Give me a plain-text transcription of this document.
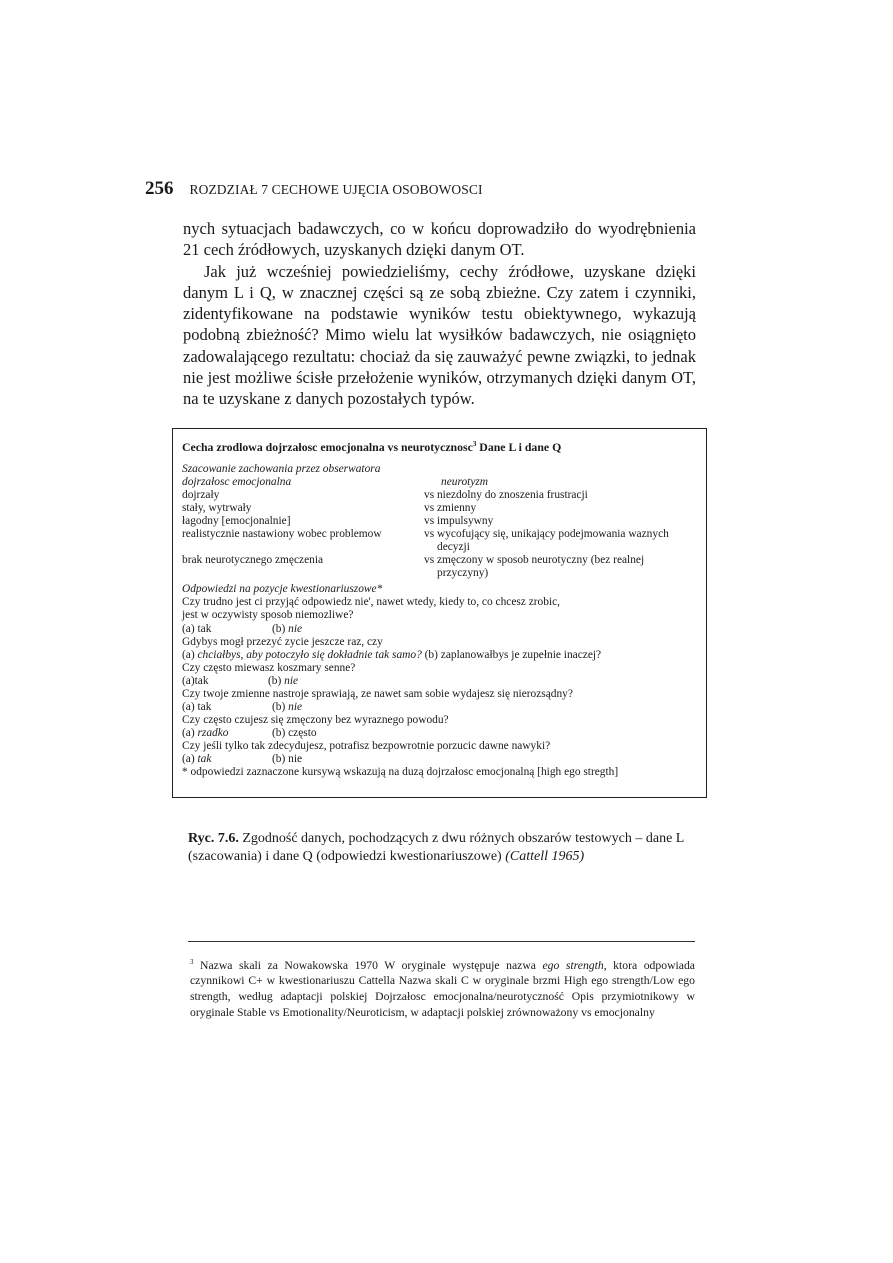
256 ROZDZIAŁ 7 CECHOWE UJĘCIA OSOBOWOSCI

nych sytuacjach badawczych, co w końcu doprowadziło do wyodrębnienia 21 cech źródłowych, uzyskanych dzięki danym OT.

Jak już wcześniej powiedzieliśmy, cechy źródłowe, uzyskane dzięki danym L i Q, w znacznej części są ze sobą zbieżne. Czy zatem i czynniki, zidentyfikowane na podstawie wyników testu obiektywnego, wykazują podobną zbieżność? Mimo wielu lat wysiłków badawczych, nie osiągnięto zadowalającego rezultatu: chociaż da się zauważyć pewne związki, to jednak nie jest możliwe ścisłe przełożenie wyników, otrzymanych dzięki danym OT, na te uzyskane z danych pozostałych typów.

Cecha zrodlowa dojrzałosc emocjonalna vs neurotycznosc$^3$ Dane L i dane Q
Szacowanie zachowania przez obserwatora
dojrzałosc emocjonalna	neurotyzm
dojrzały	vs niezdolny do znoszenia frustracji
stały, wytrwały	vs zmienny
łagodny [emocjonalnie]	vs impulsywny
realistycznie nastawiony wobec problemow	vs wycofujący się, unikający podejmowania waznych decyzji
brak neurotycznego zmęczenia	vs zmęczony w sposob neurotyczny (bez realnej przyczyny)
Odpowiedzi na pozycje kwestionariuszowe*
Czy trudno jest ci przyjąć odpowiedz nie', nawet wtedy, kiedy to, co chcesz zrobic,
jest w oczywisty sposob niemozliwe?
(a) tak	(b) nie
Gdybys mogł przezyć zycie jeszcze raz, czy
(a) chciałbys, aby potoczyło się dokładnie tak samo? (b) zaplanowałbys je zupełnie inaczej?
Czy często miewasz koszmary senne?
(a)tak	(b) nie
Czy twoje zmienne nastroje sprawiają, ze nawet sam sobie wydajesz się nierozsądny?
(a) tak	(b) nie
Czy często czujesz się zmęczony bez wyraznego powodu?
(a) rzadko	(b) często
Czy jeśli tylko tak zdecydujesz, potrafisz bezpowrotnie porzucic dawne nawyki?
(a) tak	(b) nie
* odpowiedzi zaznaczone kursywą wskazują na duzą dojrzałosc emocjonalną [high ego stregth]
Ryc. 7.6. Zgodność danych, pochodzących z dwu różnych obszarów testowych – dane L (szacowania) i dane Q (odpowiedzi kwestionariuszowe) (Cattell 1965)
$^3$ Nazwa skali za Nowakowska 1970 W oryginale występuje nazwa ego strength, ktora odpowiada czynnikowi C+ w kwestionariuszu Cattella Nazwa skali C w oryginale brzmi High ego strength/Low ego strength, według adaptacji polskiej Dojrzałosc emocjonalna/neurotyczność Opis przymiotnikowy w oryginale Stable vs Emotionality/Neuroticism, w adaptacji polskiej zrównoważony vs emocjonalny
